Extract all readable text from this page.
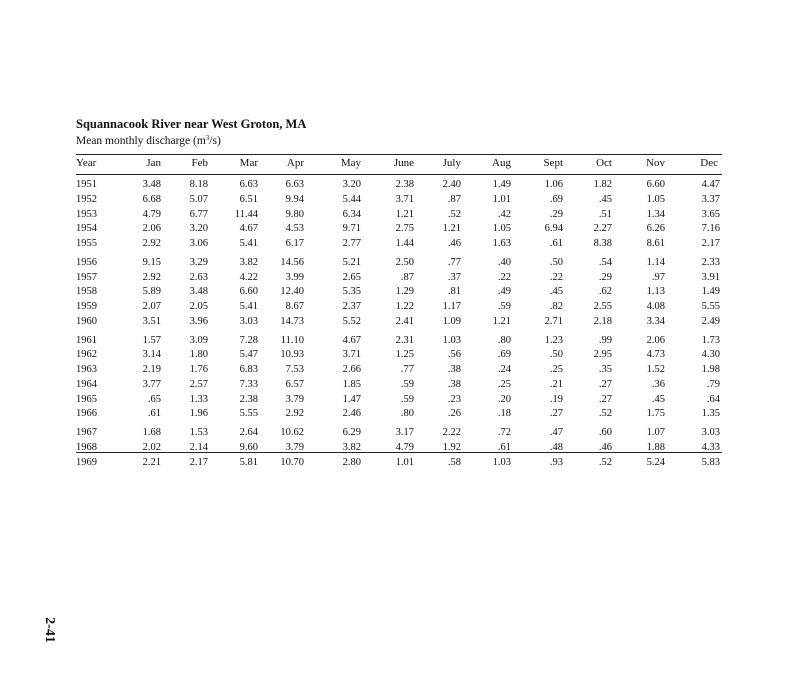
Squannacook River near West Groton, MA
Mean monthly discharge $(m^3/s)$
Year	Jan	Feb	Mar	Apr	May	June	July	Aug	Sept	Oct	Nov	Dec
1951	3.48	8.18	6.63	6.63	3.20	2.38	2.40	1.49	1.06	1.82	6.60	4.47
1952	6.68	5.07	6.51	9.94	5.44	3.71	.87	1.01	.69	.45	1.05	3.37
1953	4.79	6.77	11.44	9.80	6.34	1.21	.52	.42	.29	.51	1.34	3.65
1954	2.06	3.20	4.67	4.53	9.71	2.75	1.21	1.05	6.94	2.27	6.26	7.16
1955	2.92	3.06	5.41	6.17	2.77	1.44	.46	1.63	.61	8.38	8.61	2.17
1956	9.15	3.29	3.82	14.56	5.21	2.50	.77	.40	.50	.54	1.14	2.33
1957	2.92	2.63	4.22	3.99	2.65	.87	.37	.22	.22	.29	.97	3.91
1958	5.89	3.48	6.60	12.40	5.35	1.29	.81	.49	.45	.62	1.13	1.49
1959	2.07	2.05	5.41	8.67	2.37	1.22	1.17	.59	.82	2.55	4.08	5.55
1960	3.51	3.96	3.03	14.73	5.52	2.41	1.09	1.21	2.71	2.18	3.34	2.49
1961	1.57	3.09	7.28	11.10	4.67	2.31	1.03	.80	1.23	.99	2.06	1.73
1962	3.14	1.80	5.47	10.93	3.71	1.25	.56	.69	.50	2.95	4.73	4.30
1963	2.19	1.76	6.83	7.53	2.66	.77	.38	.24	.25	.35	1.52	1.98
1964	3.77	2.57	7.33	6.57	1.85	.59	.38	.25	.21	.27	.36	.79
1965	.65	1.33	2.38	3.79	1.47	.59	.23	.20	.19	.27	.45	.64
1966	.61	1.96	5.55	2.92	2.46	.80	.26	.18	.27	.52	1.75	1.35
1967	1.68	1.53	2.64	10.62	6.29	3.17	2.22	.72	.47	.60	1.07	3.03
1968	2.02	2.14	9.60	3.79	3.82	4.79	1.92	.61	.48	.46	1.88	4.33
1969	2.21	2.17	5.81	10.70	2.80	1.01	.58	1.03	.93	.52	5.24	5.83
2-41
